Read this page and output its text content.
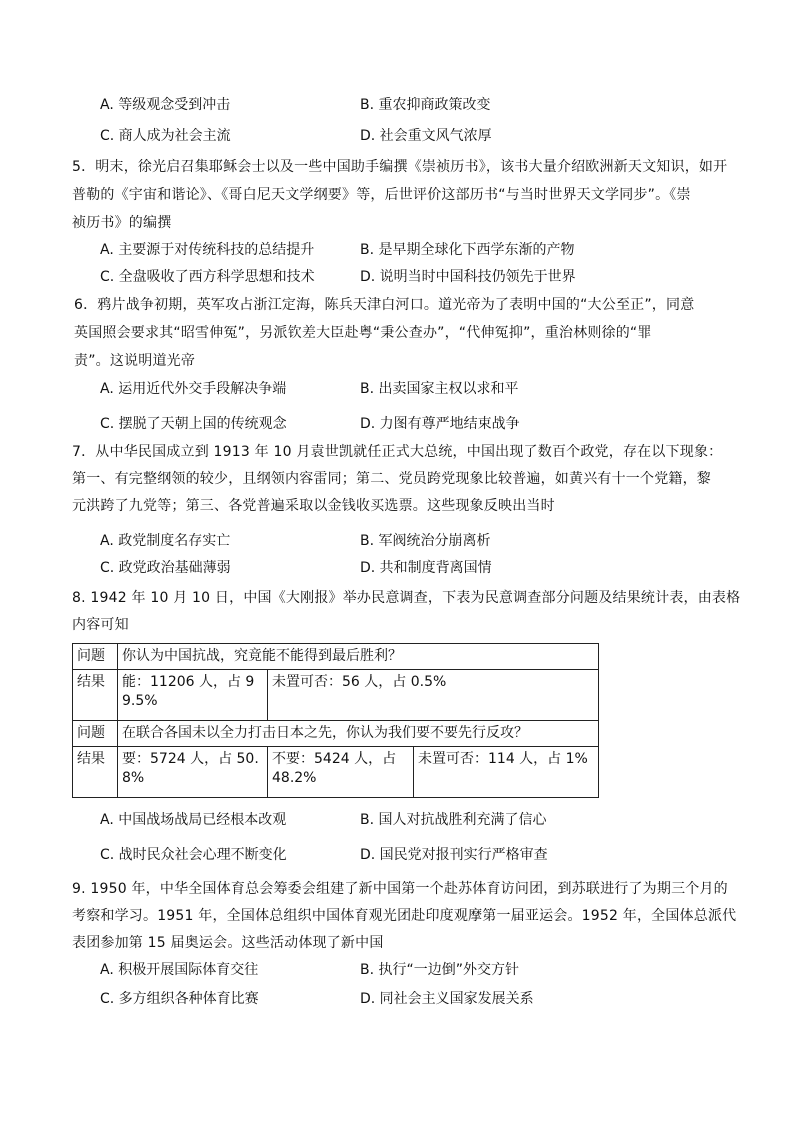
A. 等级观念受到冲击	B. 重农抑商政策改变
C. 商人成为社会主流	D. 社会重文风气浓厚
5．明末，徐光启召集耶稣会士以及一些中国助手编撰《崇祯历书》，该书大量介绍欧洲新天文知识，如开
普勒的《宇宙和谐论》、《哥白尼天文学纲要》等，后世评价这部历书“与当时世界天文学同步”。《崇
祯历书》的编撰
A. 主要源于对传统科技的总结提升	B. 是早期全球化下西学东渐的产物
C. 全盘吸收了西方科学思想和技术	D. 说明当时中国科技仍领先于世界
6．鸦片战争初期，英军攻占浙江定海，陈兵天津白河口。道光帝为了表明中国的“大公至正”，同意
英国照会要求其“昭雪伸冤”，另派钦差大臣赴粤“秉公查办”，“代伸冤抑”，重治林则徐的“罪
责”。这说明道光帝
A. 运用近代外交手段解决争端	B. 出卖国家主权以求和平
C. 摆脱了天朝上国的传统观念	D. 力图有尊严地结束战争
7．从中华民国成立到 1913 年 10 月袁世凯就任正式大总统，中国出现了数百个政党，存在以下现象：
第一、有完整纲领的较少，且纲领内容雷同；第二、党员跨党现象比较普遍，如黄兴有十一个党籍，黎
元洪跨了九党等；第三、各党普遍采取以金钱收买选票。这些现象反映出当时
A. 政党制度名存实亡	B. 军阀统治分崩离析
C. 政党政治基础薄弱	D. 共和制度背离国情
8. 1942 年 10 月 10 日，中国《大刚报》举办民意调查，下表为民意调查部分问题及结果统计表，由表格
内容可知
问题	你认为中国抗战，究竟能不能得到最后胜利？		
结果	能：11206 人，占 99.5%	未置可否：56 人，占 0.5%	
问题	在联合各国未以全力打击日本之先，你认为我们要不要先行反攻？		
结果	要：5724 人，占 50.8%	不要：5424 人，占 48.2%	未置可否：114 人，占 1%
A. 中国战场战局已经根本改观	B. 国人对抗战胜利充满了信心
C. 战时民众社会心理不断变化	D. 国民党对报刊实行严格审查
9. 1950 年，中华全国体育总会筹委会组建了新中国第一个赴苏体育访问团，到苏联进行了为期三个月的
考察和学习。1951 年，全国体总组织中国体育观光团赴印度观摩第一届亚运会。1952 年，全国体总派代
表团参加第 15 届奥运会。这些活动体现了新中国
A. 积极开展国际体育交往	B. 执行“一边倒”外交方针
C. 多方组织各种体育比赛	D. 同社会主义国家发展关系
